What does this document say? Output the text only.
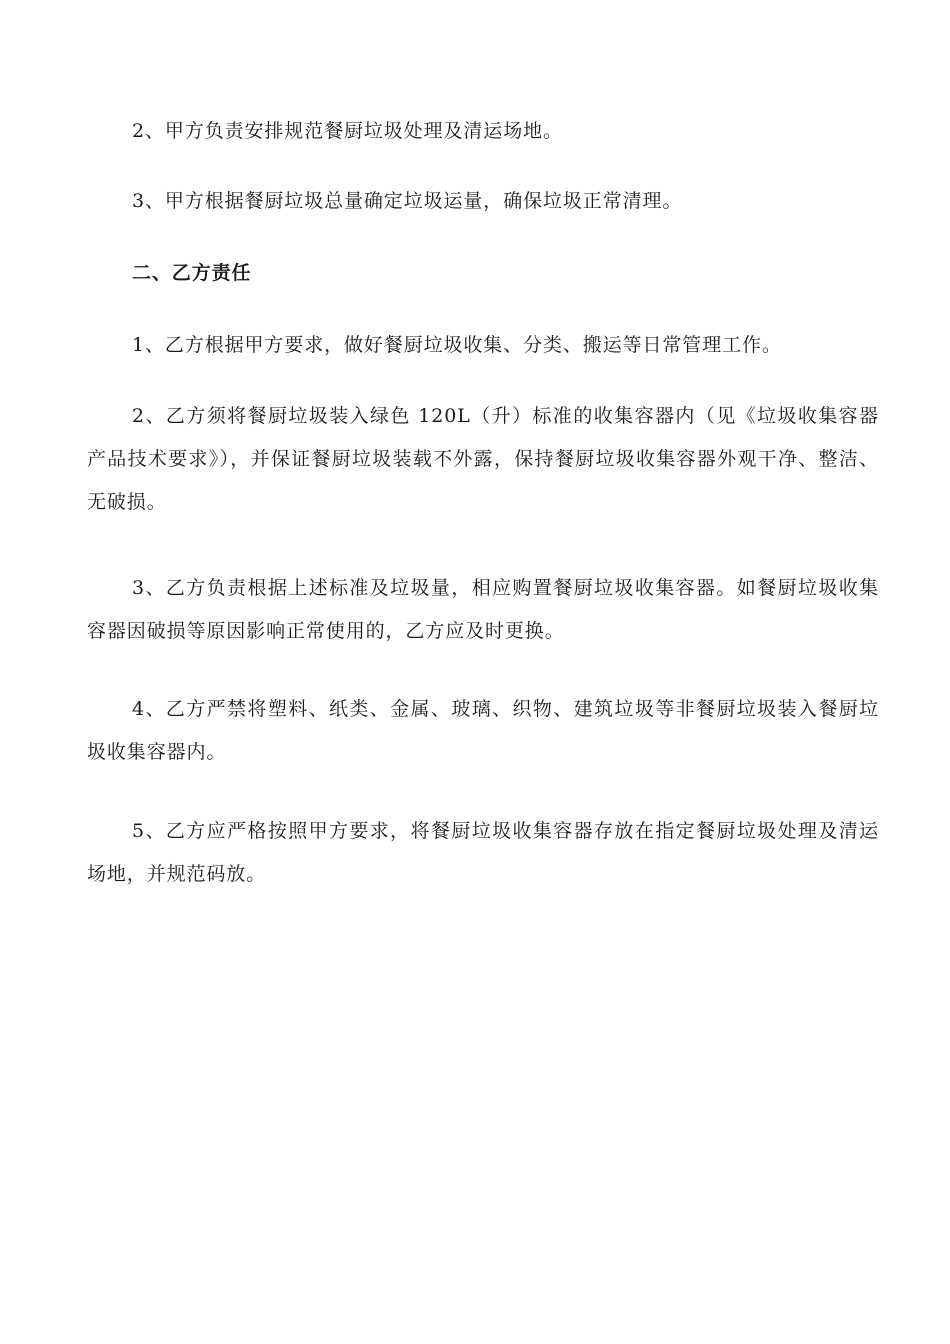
2、甲方负责安排规范餐厨垃圾处理及清运场地。

3、甲方根据餐厨垃圾总量确定垃圾运量，确保垃圾正常清理。

二、乙方责任

1、乙方根据甲方要求，做好餐厨垃圾收集、分类、搬运等日常管理工作。

2、乙方须将餐厨垃圾装入绿色 120L（升）标准的收集容器内（见《垃圾收集容器产品技术要求》），并保证餐厨垃圾装载不外露，保持餐厨垃圾收集容器外观干净、整洁、无破损。

3、乙方负责根据上述标准及垃圾量，相应购置餐厨垃圾收集容器。如餐厨垃圾收集容器因破损等原因影响正常使用的，乙方应及时更换。

4、乙方严禁将塑料、纸类、金属、玻璃、织物、建筑垃圾等非餐厨垃圾装入餐厨垃圾收集容器内。

5、乙方应严格按照甲方要求，将餐厨垃圾收集容器存放在指定餐厨垃圾处理及清运场地，并规范码放。
